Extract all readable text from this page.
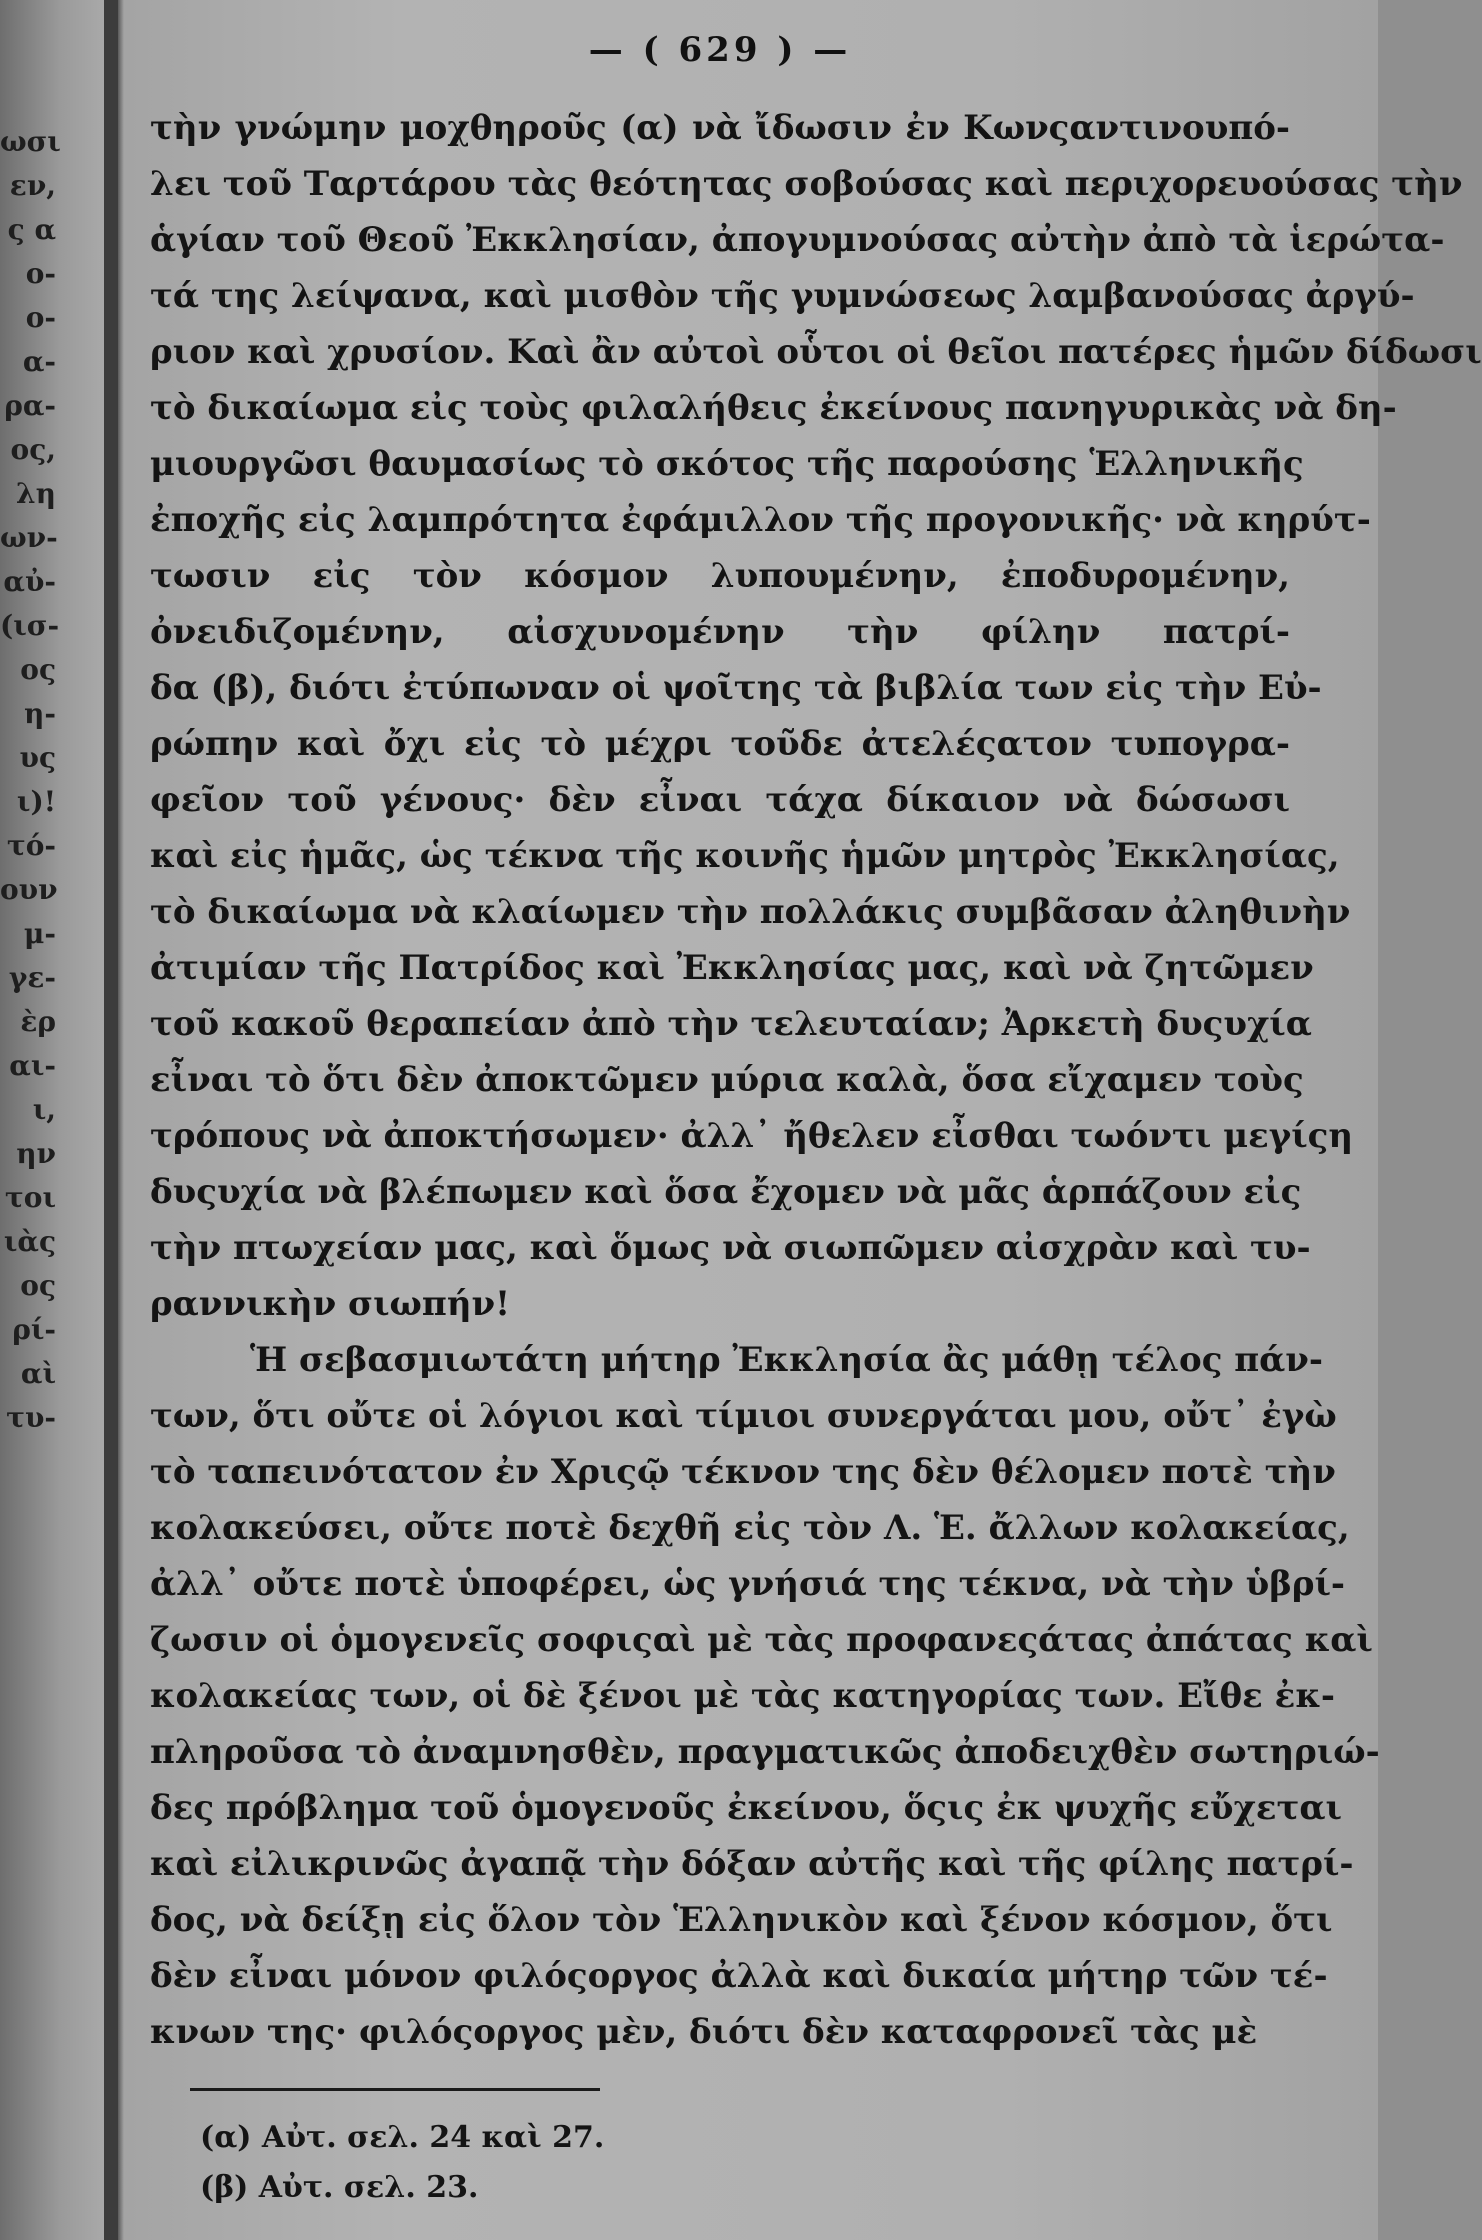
ωσι
εν,
ς α
ο-
ο-
α-
ρα-
ος,
λη
ων-
αὐ-
(ισ-
ος
η-
υς
ι)!
τό-
ουν
μ-
γε-
ὲρ
αι-
ι,
ην
τοι
ιὰς
ος
ρί-
αὶ
τυ-
— ( 629 ) —
τὴν γνώμην μοχθηροῦς (α) νὰ ἴδωσιν ἐν Κωνςαντινουπό-
λει τοῦ Ταρτάρου τὰς θεότητας σοβούσας καὶ περιχορευούσας τὴν
ἁγίαν τοῦ Θεοῦ Ἐκκλησίαν, ἀπογυμνούσας αὐτὴν ἀπὸ τὰ ἱερώτα-
τά της λείψανα, καὶ μισθὸν τῆς γυμνώσεως λαμβανούσας ἀργύ-
ριον καὶ χρυσίον. Καὶ ἂν αὐτοὶ οὗτοι οἱ θεῖοι πατέρες ἡμῶν δίδωσι
τὸ δικαίωμα εἰς τοὺς φιλαλήθεις ἐκείνους πανηγυρικὰς νὰ δη-
μιουργῶσι θαυμασίως τὸ σκότος τῆς παρούσης Ἑλληνικῆς
ἐποχῆς εἰς λαμπρότητα ἐφάμιλλον τῆς προγονικῆς· νὰ κηρύτ-
τωσιν εἰς τὸν κόσμον λυπουμένην, ἐποδυρομένην,
ὀνειδιζομένην, αἰσχυνομένην τὴν φίλην πατρί-
δα (β), διότι ἐτύπωναν οἱ ψοῖτης τὰ βιβλία των εἰς τὴν Εὐ-
ρώπην καὶ ὄχι εἰς τὸ μέχρι τοῦδε ἀτελέςατον τυπογρα-
φεῖον τοῦ γένους· δὲν εἶναι τάχα δίκαιον νὰ δώσωσι
καὶ εἰς ἡμᾶς, ὡς τέκνα τῆς κοινῆς ἡμῶν μητρὸς Ἐκκλησίας,
τὸ δικαίωμα νὰ κλαίωμεν τὴν πολλάκις συμβᾶσαν ἀληθινὴν
ἀτιμίαν τῆς Πατρίδος καὶ Ἐκκλησίας μας, καὶ νὰ ζητῶμεν
τοῦ κακοῦ θεραπείαν ἀπὸ τὴν τελευταίαν; Ἀρκετὴ δυςυχία
εἶναι τὸ ὅτι δὲν ἀποκτῶμεν μύρια καλὰ, ὅσα εἴχαμεν τοὺς
τρόπους νὰ ἀποκτήσωμεν· ἀλλ᾽ ἤθελεν εἶσθαι τωόντι μεγίςη
δυςυχία νὰ βλέπωμεν καὶ ὅσα ἔχομεν νὰ μᾶς ἁρπάζουν εἰς
τὴν πτωχείαν μας, καὶ ὅμως νὰ σιωπῶμεν αἰσχρὰν καὶ τυ-
ραννικὴν σιωπήν!
Ἡ σεβασμιωτάτη μήτηρ Ἐκκλησία ἂς μάθῃ τέλος πάν-
των, ὅτι οὔτε οἱ λόγιοι καὶ τίμιοι συνεργάται μου, οὔτ᾽ ἐγὼ
τὸ ταπεινότατον ἐν Χριςῷ τέκνον της δὲν θέλομεν ποτὲ τὴν
κολακεύσει, οὔτε ποτὲ δεχθῆ εἰς τὸν Λ. Ἑ. ἄλλων κολακείας,
ἀλλ᾽ οὔτε ποτὲ ὑποφέρει, ὡς γνήσιά της τέκνα, νὰ τὴν ὑβρί-
ζωσιν οἱ ὁμογενεῖς σοφιςαὶ μὲ τὰς προφανεςάτας ἀπάτας καὶ
κολακείας των, οἱ δὲ ξένοι μὲ τὰς κατηγορίας των. Εἴθε ἐκ-
πληροῦσα τὸ ἀναμνησθὲν, πραγματικῶς ἀποδειχθὲν σωτηριώ-
δες πρόβλημα τοῦ ὁμογενοῦς ἐκείνου, ὅςις ἐκ ψυχῆς εὔχεται
καὶ εἰλικρινῶς ἀγαπᾷ τὴν δόξαν αὐτῆς καὶ τῆς φίλης πατρί-
δος, νὰ δείξῃ εἰς ὅλον τὸν Ἑλληνικὸν καὶ ξένον κόσμον, ὅτι
δὲν εἶναι μόνον φιλόςοργος ἀλλὰ καὶ δικαία μήτηρ τῶν τέ-
κνων της· φιλόςοργος μὲν, διότι δὲν καταφρονεῖ τὰς μὲ
(α) Αὐτ. σελ. 24 καὶ 27.
(β) Αὐτ. σελ. 23.
